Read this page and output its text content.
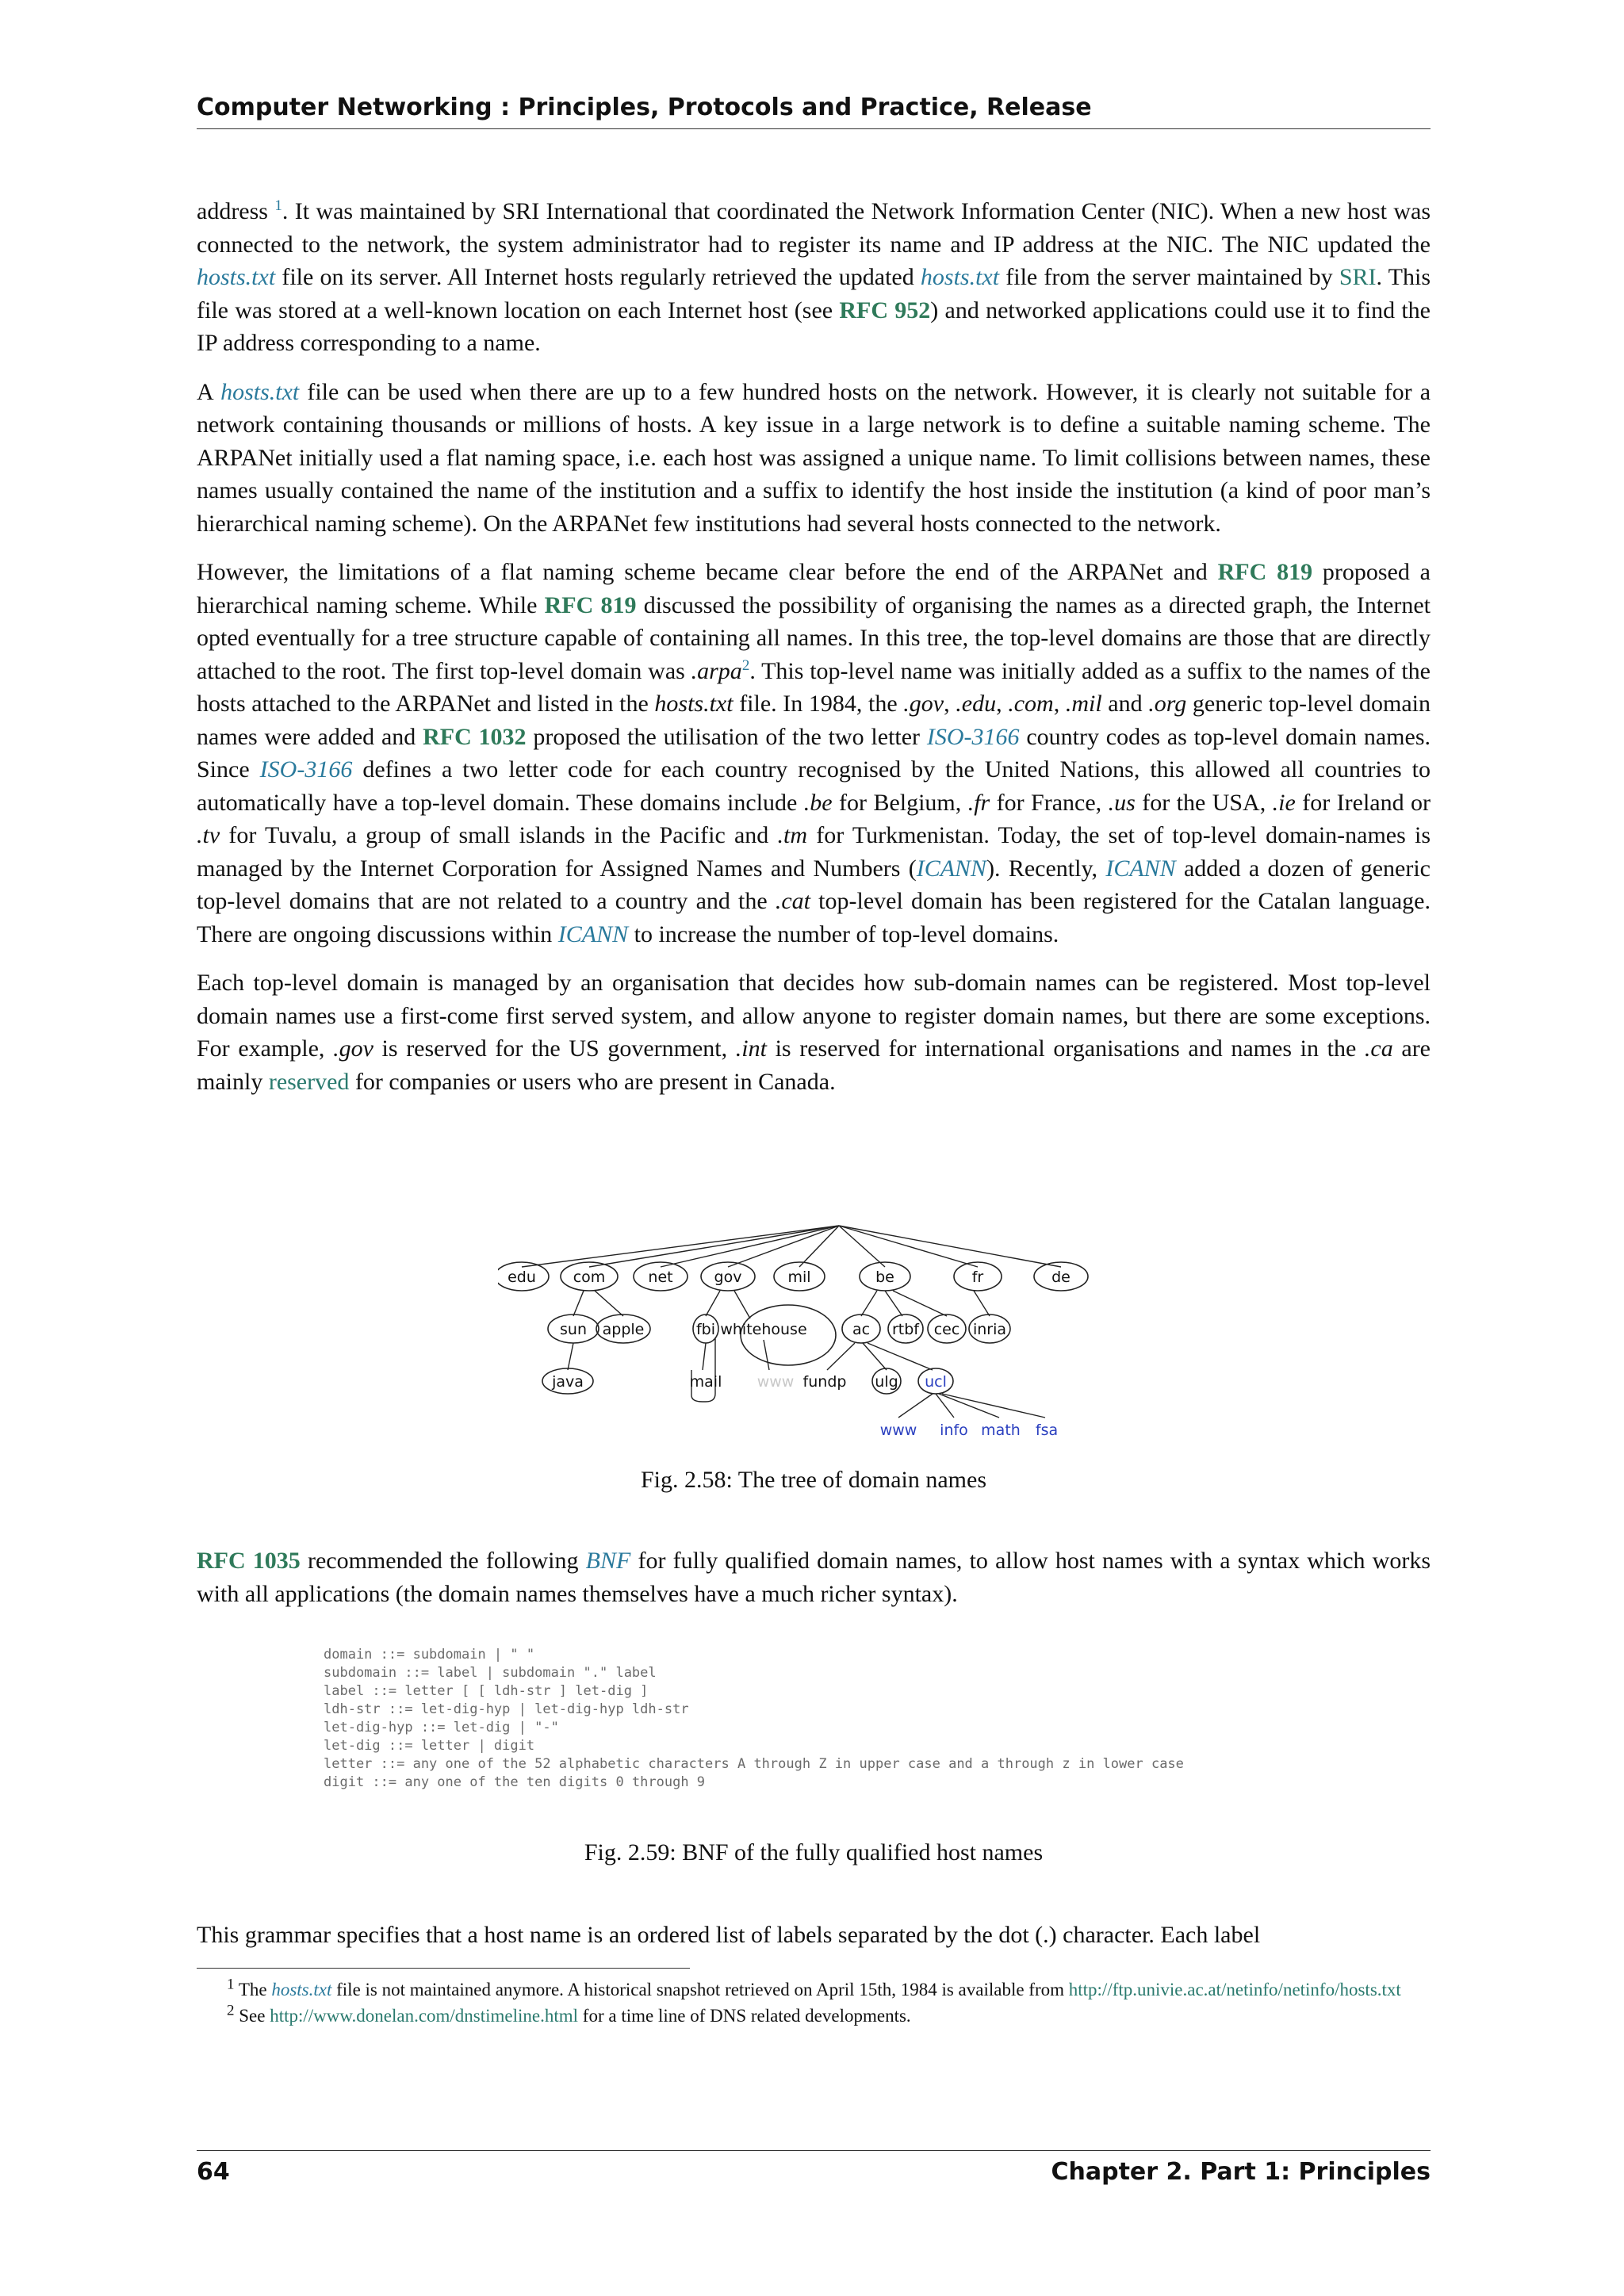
Computer Networking : Principles, Protocols and Practice, Release

address $^1$. It was maintained by SRI International that coordinated the Network Information Center (NIC). When a new host was connected to the network, the system administrator had to register its name and IP address at the NIC. The NIC updated the hosts.txt file on its server. All Internet hosts regularly retrieved the updated hosts.txt file from the server maintained by SRI. This file was stored at a well-known location on each Internet host (see RFC 952) and networked applications could use it to find the IP address corresponding to a name.

A hosts.txt file can be used when there are up to a few hundred hosts on the network. However, it is clearly not suitable for a network containing thousands or millions of hosts. A key issue in a large network is to define a suitable naming scheme. The ARPANet initially used a flat naming space, i.e. each host was assigned a unique name. To limit collisions between names, these names usually contained the name of the institution and a suffix to identify the host inside the institution (a kind of poor man’s hierarchical naming scheme). On the ARPANet few institutions had several hosts connected to the network.

However, the limitations of a flat naming scheme became clear before the end of the ARPANet and RFC 819 proposed a hierarchical naming scheme. While RFC 819 discussed the possibility of organising the names as a directed graph, the Internet opted eventually for a tree structure capable of containing all names. In this tree, the top-level domains are those that are directly attached to the root. The first top-level domain was .arpa$^2$. This top-level name was initially added as a suffix to the names of the hosts attached to the ARPANet and listed in the hosts.txt file. In 1984, the .gov, .edu, .com, .mil and .org generic top-level domain names were added and RFC 1032 proposed the utilisation of the two letter ISO-3166 country codes as top-level domain names. Since ISO-3166 defines a two letter code for each country recognised by the United Nations, this allowed all countries to automatically have a top-level domain. These domains include .be for Belgium, .fr for France, .us for the USA, .ie for Ireland or .tv for Tuvalu, a group of small islands in the Pacific and .tm for Turkmenistan. Today, the set of top-level domain-names is managed by the Internet Corporation for Assigned Names and Numbers (ICANN). Recently, ICANN added a dozen of generic top-level domains that are not related to a country and the .cat top-level domain has been registered for the Catalan language. There are ongoing discussions within ICANN to increase the number of top-level domains.

Each top-level domain is managed by an organisation that decides how sub-domain names can be registered. Most top-level domain names use a first-come first served system, and allow anyone to register domain names, but there are some exceptions. For example, .gov is reserved for the US government, .int is reserved for international organisations and names in the .ca are mainly reserved for companies or users who are present in Canada.

edu com	net	gov	mil	be	fr	de
sun apple	fbi whitehouse	ac rtbf cec inria
java	mail www fundp ulg ucl
www info math fsa
Fig. 2.58: The tree of domain names

RFC 1035 recommended the following BNF for fully qualified domain names, to allow host names with a syntax which works with all applications (the domain names themselves have a much richer syntax).

domain ::= subdomain | " "
subdomain ::= label | subdomain "." label
label ::= letter [ [ ldh-str ] let-dig ]
ldh-str ::= let-dig-hyp | let-dig-hyp ldh-str
let-dig-hyp ::= let-dig | "-"
let-dig ::= letter | digit
letter ::= any one of the 52 alphabetic characters A through Z in upper case and a through z in lower case
digit ::= any one of the ten digits 0 through 9
Fig. 2.59: BNF of the fully qualified host names

This grammar specifies that a host name is an ordered list of labels separated by the dot (.) character. Each label

$^1$ The hosts.txt file is not maintained anymore. A historical snapshot retrieved on April 15th, 1984 is available from http://ftp.univie.ac.at/netinfo/netinfo/hosts.txt

$^2$ See http://www.donelan.com/dnstimeline.html for a time line of DNS related developments.

64	Chapter 2. Part 1: Principles
